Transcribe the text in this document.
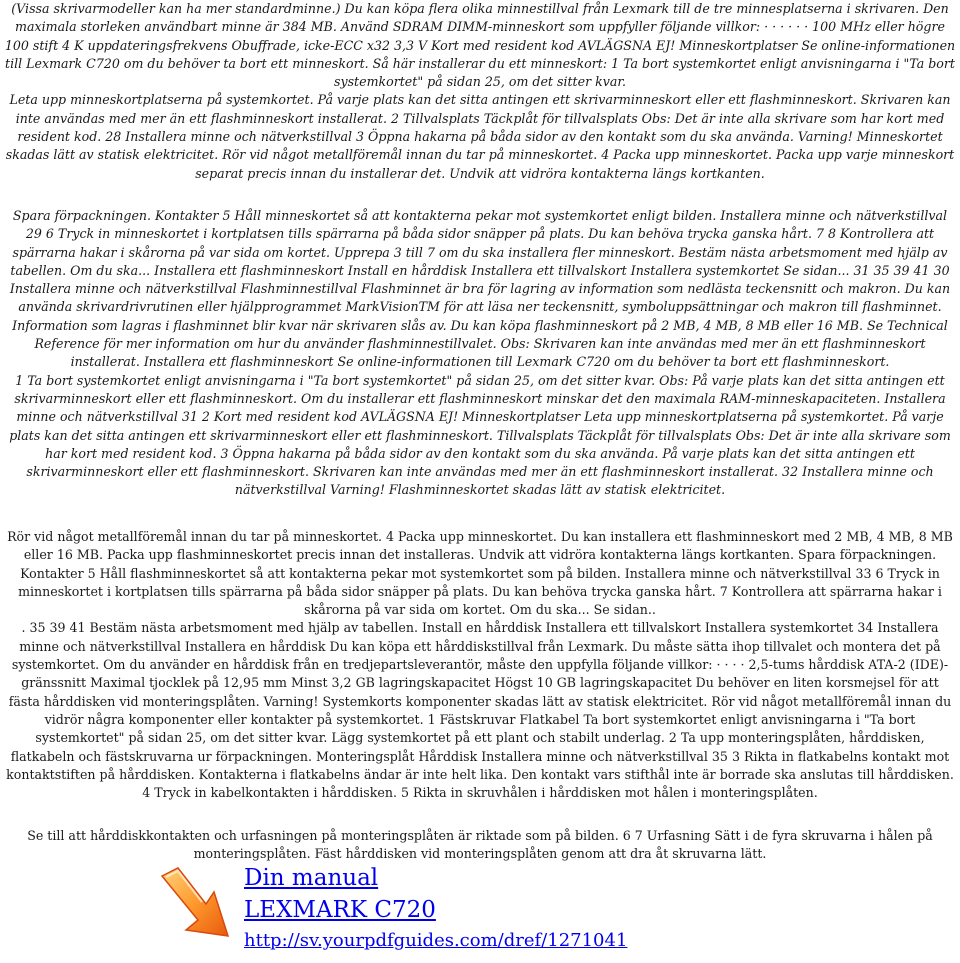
(Vissa skrivarmodeller kan ha mer standardminne.) Du kan köpa flera olika minnestillval från Lexmark till de tre minnesplatserna i skrivaren. Den maximala storleken användbart minne är 384 MB. Använd SDRAM DIMM-minneskort som uppfyller följande villkor: · · · · · · 100 MHz eller högre 100 stift 4 K uppdateringsfrekvens Obuffrade, icke-ECC x32 3,3 V Kort med resident kod AVLÄGSNA EJ! Minneskortplatser Se online-informationen till Lexmark C720 om du behöver ta bort ett minneskort. Så här installerar du ett minneskort: 1 Ta bort systemkortet enligt anvisningarna i "Ta bort systemkortet" på sidan 25, om det sitter kvar.

Leta upp minneskortplatserna på systemkortet. På varje plats kan det sitta antingen ett skrivarminneskort eller ett flashminneskort. Skrivaren kan inte användas med mer än ett flashminneskort installerat. 2 Tillvalsplats Täckplåt för tillvalsplats Obs: Det är inte alla skrivare som har kort med resident kod. 28 Installera minne och nätverkstillval 3 Öppna hakarna på båda sidor av den kontakt som du ska använda. Varning! Minneskortet skadas lätt av statisk elektricitet. Rör vid något metallföremål innan du tar på minneskortet. 4 Packa upp minneskortet. Packa upp varje minneskort separat precis innan du installerar det. Undvik att vidröra kontakterna längs kortkanten.

Spara förpackningen. Kontakter 5 Håll minneskortet så att kontakterna pekar mot systemkortet enligt bilden. Installera minne och nätverkstillval 29 6 Tryck in minneskortet i kortplatsen tills spärrarna på båda sidor snäpper på plats. Du kan behöva trycka ganska hårt. 7 8 Kontrollera att spärrarna hakar i skårorna på var sida om kortet. Upprepa 3 till 7 om du ska installera fler minneskort. Bestäm nästa arbetsmoment med hjälp av tabellen. Om du ska... Installera ett flashminneskort Install en hårddisk Installera ett tillvalskort Installera systemkortet Se sidan... 31 35 39 41 30 Installera minne och nätverkstillval Flashminnestillval Flashminnet är bra för lagring av information som nedlästa teckensnitt och makron. Du kan använda skrivardrivrutinen eller hjälpprogrammet MarkVisionTM för att läsa ner teckensnitt, symboluppsättningar och makron till flashminnet.

Information som lagras i flashminnet blir kvar när skrivaren slås av. Du kan köpa flashminneskort på 2 MB, 4 MB, 8 MB eller 16 MB. Se Technical Reference för mer information om hur du använder flashminnestillvalet. Obs: Skrivaren kan inte användas med mer än ett flashminneskort installerat. Installera ett flashminneskort Se online-informationen till Lexmark C720 om du behöver ta bort ett flashminneskort.

1 Ta bort systemkortet enligt anvisningarna i "Ta bort systemkortet" på sidan 25, om det sitter kvar. Obs: På varje plats kan det sitta antingen ett skrivarminneskort eller ett flashminneskort. Om du installerar ett flashminneskort minskar det den maximala RAM-minneskapaciteten. Installera minne och nätverkstillval 31 2 Kort med resident kod AVLÄGSNA EJ! Minneskortplatser Leta upp minneskortplatserna på systemkortet. På varje plats kan det sitta antingen ett skrivarminneskort eller ett flashminneskort. Tillvalsplats Täckplåt för tillvalsplats Obs: Det är inte alla skrivare som har kort med resident kod. 3 Öppna hakarna på båda sidor av den kontakt som du ska använda. På varje plats kan det sitta antingen ett skrivarminneskort eller ett flashminneskort. Skrivaren kan inte användas med mer än ett flashminneskort installerat. 32 Installera minne och nätverkstillval Varning! Flashminneskortet skadas lätt av statisk elektricitet.

Rör vid något metallföremål innan du tar på minneskortet. 4 Packa upp minneskortet. Du kan installera ett flashminneskort med 2 MB, 4 MB, 8 MB eller 16 MB. Packa upp flashminneskortet precis innan det installeras. Undvik att vidröra kontakterna längs kortkanten. Spara förpackningen. Kontakter 5 Håll flashminneskortet så att kontakterna pekar mot systemkortet som på bilden. Installera minne och nätverkstillval 33 6 Tryck in minneskortet i kortplatsen tills spärrarna på båda sidor snäpper på plats. Du kan behöva trycka ganska hårt. 7 Kontrollera att spärrarna hakar i skårorna på var sida om kortet. Om du ska... Se sidan..

. 35 39 41 Bestäm nästa arbetsmoment med hjälp av tabellen. Install en hårddisk Installera ett tillvalskort Installera systemkortet 34 Installera minne och nätverkstillval Installera en hårddisk Du kan köpa ett hårddiskstillval från Lexmark. Du måste sätta ihop tillvalet och montera det på systemkortet. Om du använder en hårddisk från en tredjepartsleverantör, måste den uppfylla följande villkor: · · · · 2,5-tums hårddisk ATA-2 (IDE)-gränssnitt Maximal tjocklek på 12,95 mm Minst 3,2 GB lagringskapacitet Högst 10 GB lagringskapacitet Du behöver en liten korsmejsel för att fästa hårddisken vid monteringsplåten. Varning! Systemkorts komponenter skadas lätt av statisk elektricitet. Rör vid något metallföremål innan du vidrör några komponenter eller kontakter på systemkortet. 1 Fästskruvar Flatkabel Ta bort systemkortet enligt anvisningarna i "Ta bort systemkortet" på sidan 25, om det sitter kvar. Lägg systemkortet på ett plant och stabilt underlag. 2 Ta upp monteringsplåten, hårddisken, flatkabeln och fästskruvarna ur förpackningen. Monteringsplåt Hårddisk Installera minne och nätverkstillval 35 3 Rikta in flatkabelns kontakt mot kontaktstiften på hårddisken. Kontakterna i flatkabelns ändar är inte helt lika. Den kontakt vars stifthål inte är borrade ska anslutas till hårddisken. 4 Tryck in kabelkontakten i hårddisken. 5 Rikta in skruvhålen i hårddisken mot hålen i monteringsplåten.

Se till att hårddiskkontakten och urfasningen på monteringsplåten är riktade som på bilden. 6 7 Urfasning Sätt i de fyra skruvarna i hålen på monteringsplåten. Fäst hårddisken vid monteringsplåten genom att dra åt skruvarna lätt.

Din manual
LEXMARK C720
http://sv.yourpdfguides.com/dref/1271041
